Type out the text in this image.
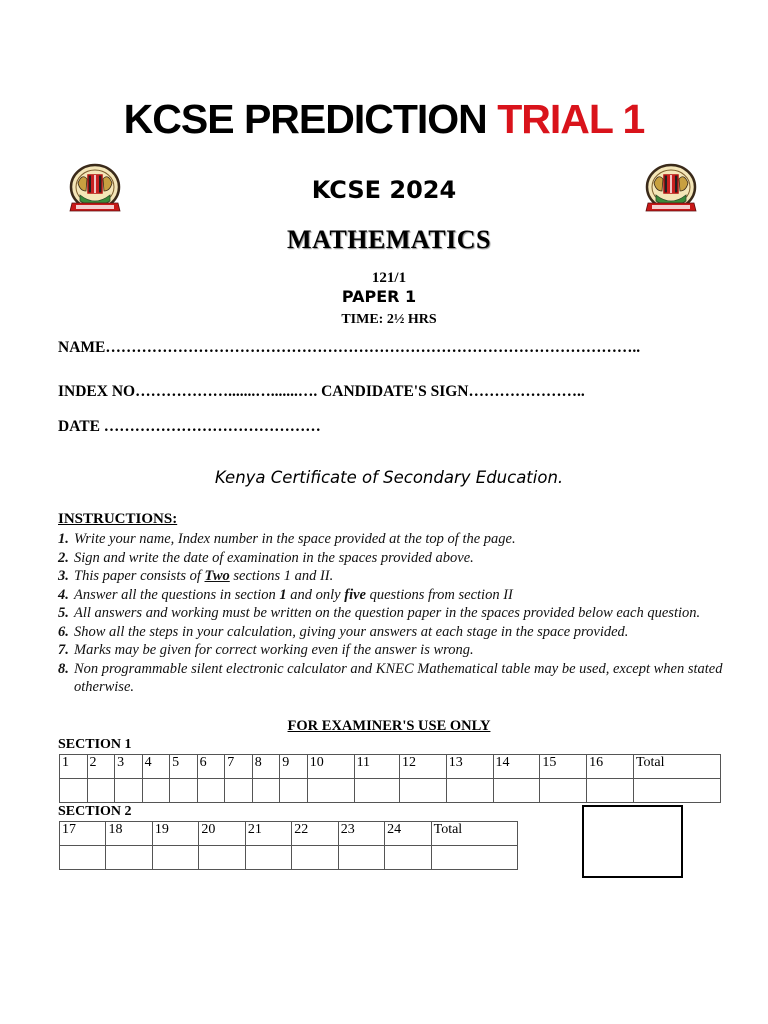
KCSE PREDICTION TRIAL 1
KCSE 2024
MATHEMATICS
121/1
PAPER 1
TIME: 2½ HRS
NAME…………………………………………………………………………………………..
INDEX NO……………….......….......…. CANDIDATE'S SIGN…………………..
DATE ……………………………………
Kenya Certificate of Secondary Education.
INSTRUCTIONS:
1. Write your name, Index number in the space provided at the top of the page.
2. Sign and write the date of examination in the spaces provided above.
3. This paper consists of Two sections 1 and II.
4. Answer all the questions in section 1 and only five questions from section II
5. All answers and working must be written on the question paper in the spaces provided below each question.
6. Show all the steps in your calculation, giving your answers at each stage in the space provided.
7. Marks may be given for correct working even if the answer is wrong.
8. Non programmable silent electronic calculator and KNEC Mathematical table may be used, except when stated otherwise.
FOR EXAMINER'S USE ONLY
SECTION 1
1	2	3	4	5	6	7	8	9	10	11	12	13	14	15	16	Total

SECTION 2
17	18	19	20	21	22	23	24	Total
